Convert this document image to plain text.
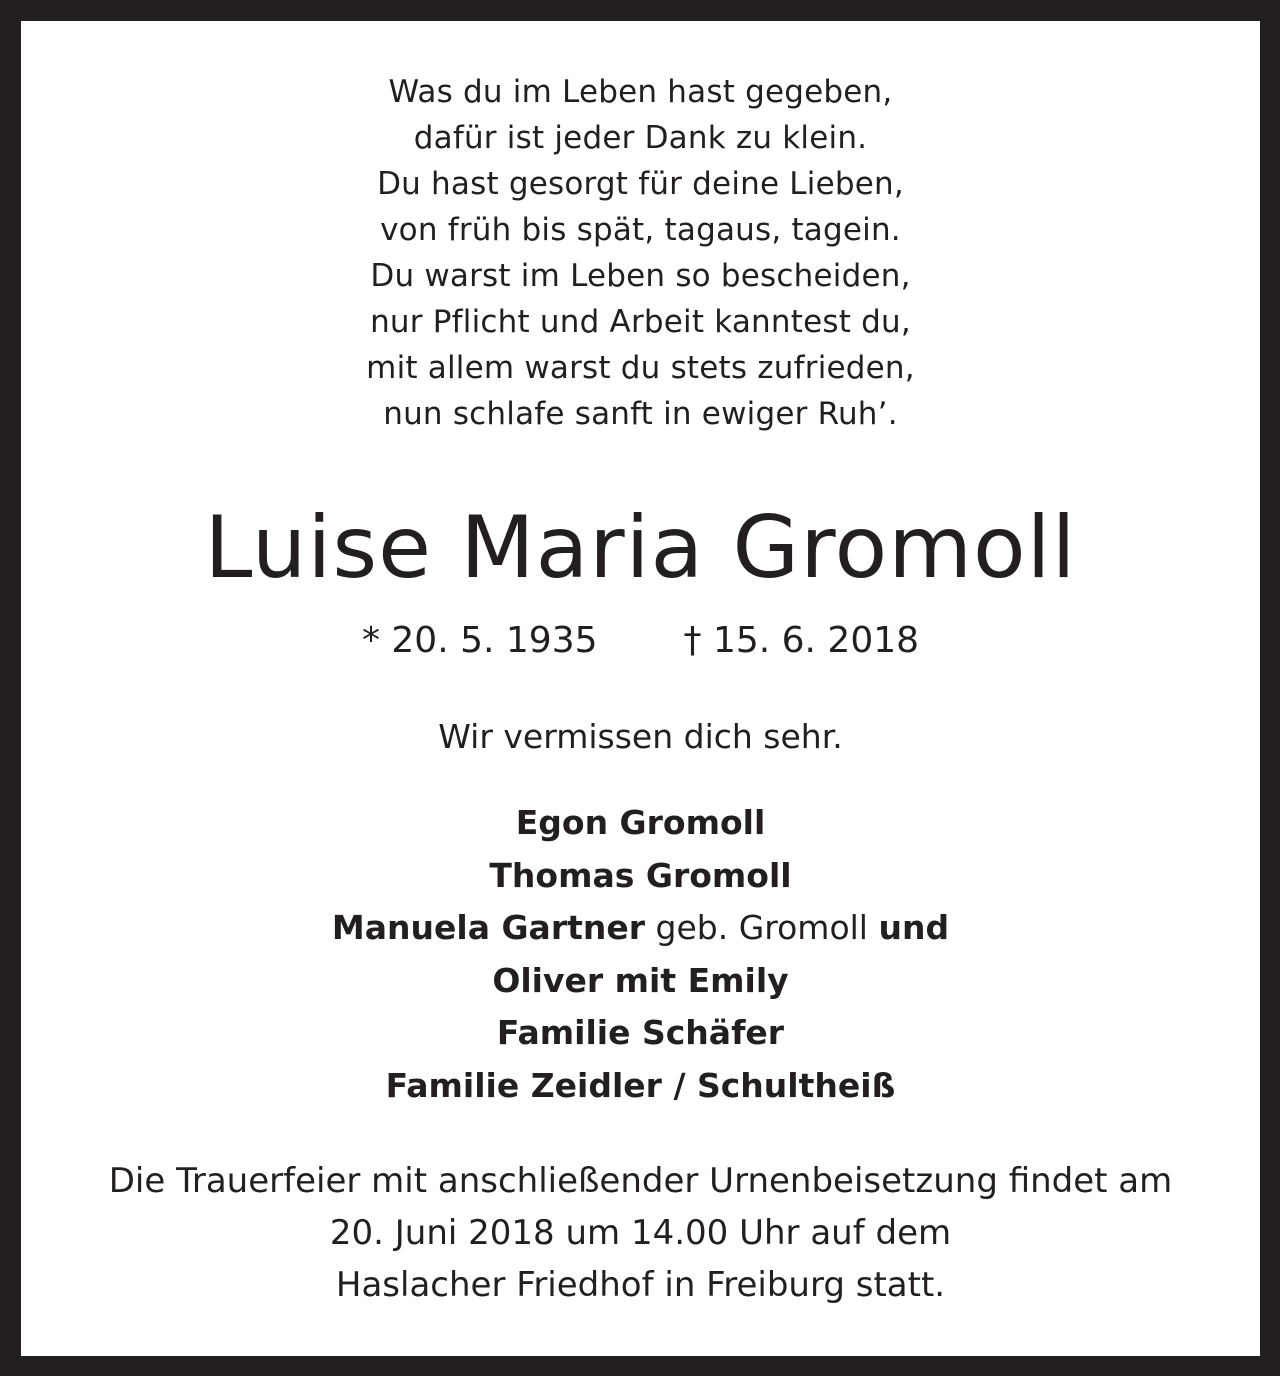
Was du im Leben hast gegeben,
dafür ist jeder Dank zu klein.
Du hast gesorgt für deine Lieben,
von früh bis spät, tagaus, tagein.
Du warst im Leben so bescheiden,
nur Pflicht und Arbeit kanntest du,
mit allem warst du stets zufrieden,
nun schlafe sanft in ewiger Ruh’.
Luise Maria Gromoll
* 20. 5. 1935 † 15. 6. 2018
Wir vermissen dich sehr.
Egon Gromoll
Thomas Gromoll
Manuela Gartner geb. Gromoll und
Oliver mit Emily
Familie Schäfer
Familie Zeidler / Schultheiß
Die Trauerfeier mit anschließender Urnenbeisetzung findet am
20. Juni 2018 um 14.00 Uhr auf dem
Haslacher Friedhof in Freiburg statt.
